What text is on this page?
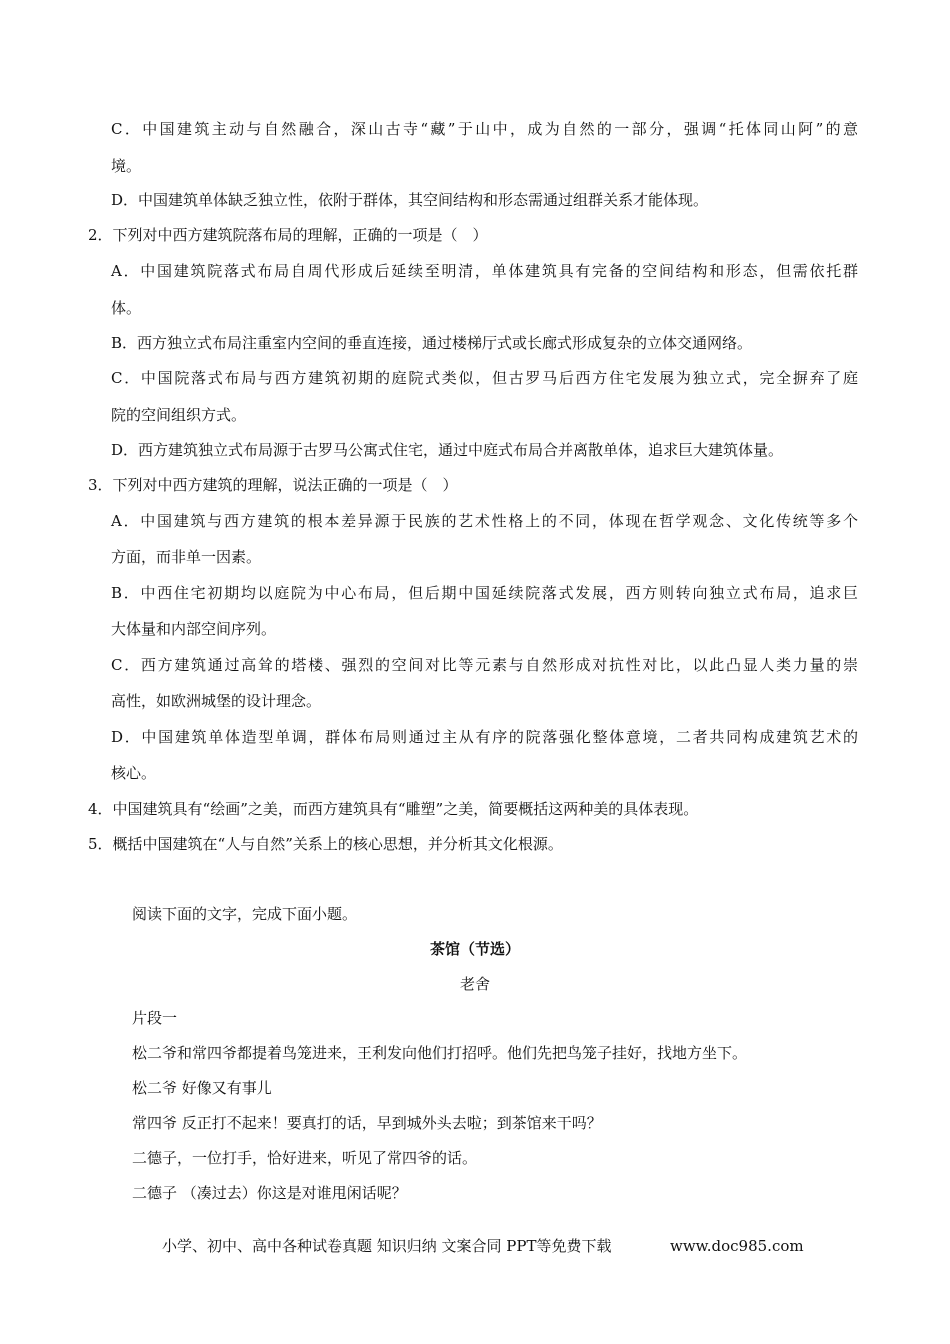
C．中国建筑主动与自然融合，深山古寺“藏”于山中，成为自然的一部分，强调“托体同山阿”的意
境。
D．中国建筑单体缺乏独立性，依附于群体，其空间结构和形态需通过组群关系才能体现。
2．下列对中西方建筑院落布局的理解，正确的一项是（　）
A．中国建筑院落式布局自周代形成后延续至明清，单体建筑具有完备的空间结构和形态，但需依托群
体。
B．西方独立式布局注重室内空间的垂直连接，通过楼梯厅式或长廊式形成复杂的立体交通网络。
C．中国院落式布局与西方建筑初期的庭院式类似，但古罗马后西方住宅发展为独立式，完全摒弃了庭
院的空间组织方式。
D．西方建筑独立式布局源于古罗马公寓式住宅，通过中庭式布局合并离散单体，追求巨大建筑体量。
3．下列对中西方建筑的理解，说法正确的一项是（　）
A．中国建筑与西方建筑的根本差异源于民族的艺术性格上的不同，体现在哲学观念、文化传统等多个
方面，而非单一因素。
B．中西住宅初期均以庭院为中心布局，但后期中国延续院落式发展，西方则转向独立式布局，追求巨
大体量和内部空间序列。
C．西方建筑通过高耸的塔楼、强烈的空间对比等元素与自然形成对抗性对比，以此凸显人类力量的崇
高性，如欧洲城堡的设计理念。
D．中国建筑单体造型单调，群体布局则通过主从有序的院落强化整体意境，二者共同构成建筑艺术的
核心。
4．中国建筑具有“绘画”之美，而西方建筑具有“雕塑”之美，简要概括这两种美的具体表现。
5．概括中国建筑在“人与自然”关系上的核心思想，并分析其文化根源。
阅读下面的文字，完成下面小题。
茶馆（节选）
老舍
片段一
松二爷和常四爷都提着鸟笼进来，王利发向他们打招呼。他们先把鸟笼子挂好，找地方坐下。
松二爷 好像又有事儿
常四爷 反正打不起来！要真打的话，早到城外头去啦；到茶馆来干吗？
二德子，一位打手，恰好进来，听见了常四爷的话。
二德子 （凑过去）你这是对谁甩闲话呢？
小学、初中、高中各种试卷真题 知识归纳 文案合同 PPT等免费下载	www.doc985.com
